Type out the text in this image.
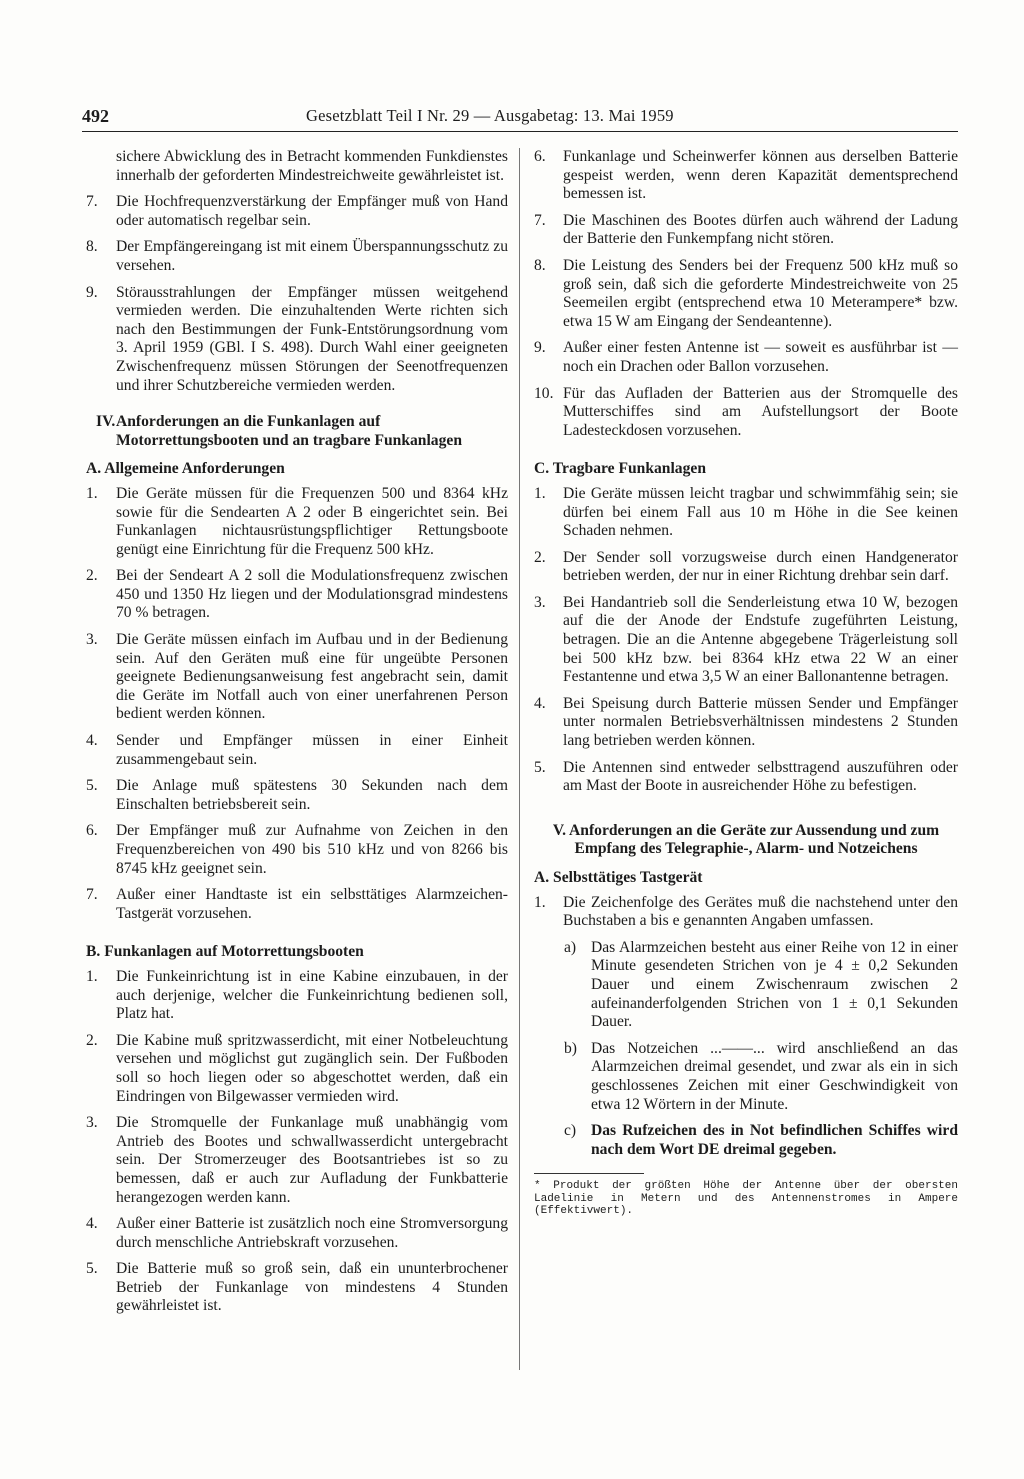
492	Gesetzblatt Teil I Nr. 29 — Ausgabetag: 13. Mai 1959

sichere Abwicklung des in Betracht kommenden Funkdienstes innerhalb der geforderten Mindestreichweite gewährleistet ist.

7. Die Hochfrequenzverstärkung der Empfänger muß von Hand oder automatisch regelbar sein.
8. Der Empfängereingang ist mit einem Überspannungsschutz zu versehen.
9. Störausstrahlungen der Empfänger müssen weitgehend vermieden werden. Die einzuhaltenden Werte richten sich nach den Bestimmungen der Funk-Entstörungsordnung vom 3. April 1959 (GBl. I S. 498). Durch Wahl einer geeigneten Zwischenfrequenz müssen Störungen der Seenotfrequenzen und ihrer Schutzbereiche vermieden werden.
IV. Anforderungen an die Funkanlagen auf Motorrettungsbooten und an tragbare Funkanlagen
A. Allgemeine Anforderungen
1. Die Geräte müssen für die Frequenzen 500 und 8364 kHz sowie für die Sendearten A 2 oder B eingerichtet sein. Bei Funkanlagen nichtausrüstungspflichtiger Rettungsboote genügt eine Einrichtung für die Frequenz 500 kHz.
2. Bei der Sendeart A 2 soll die Modulationsfrequenz zwischen 450 und 1350 Hz liegen und der Modulationsgrad mindestens 70 % betragen.
3. Die Geräte müssen einfach im Aufbau und in der Bedienung sein. Auf den Geräten muß eine für ungeübte Personen geeignete Bedienungsanweisung fest angebracht sein, damit die Geräte im Notfall auch von einer unerfahrenen Person bedient werden können.
4. Sender und Empfänger müssen in einer Einheit zusammengebaut sein.
5. Die Anlage muß spätestens 30 Sekunden nach dem Einschalten betriebsbereit sein.
6. Der Empfänger muß zur Aufnahme von Zeichen in den Frequenzbereichen von 490 bis 510 kHz und von 8266 bis 8745 kHz geeignet sein.
7. Außer einer Handtaste ist ein selbsttätiges Alarmzeichen-Tastgerät vorzusehen.
B. Funkanlagen auf Motorrettungsbooten
1. Die Funkeinrichtung ist in eine Kabine einzubauen, in der auch derjenige, welcher die Funkeinrichtung bedienen soll, Platz hat.
2. Die Kabine muß spritzwasserdicht, mit einer Notbeleuchtung versehen und möglichst gut zugänglich sein. Der Fußboden soll so hoch liegen oder so abgeschottet werden, daß ein Eindringen von Bilgewasser vermieden wird.
3. Die Stromquelle der Funkanlage muß unabhängig vom Antrieb des Bootes und schwallwasserdicht untergebracht sein. Der Stromerzeuger des Bootsantriebes ist so zu bemessen, daß er auch zur Aufladung der Funkbatterie herangezogen werden kann.
4. Außer einer Batterie ist zusätzlich noch eine Stromversorgung durch menschliche Antriebskraft vorzusehen.
5. Die Batterie muß so groß sein, daß ein ununterbrochener Betrieb der Funkanlage von mindestens 4 Stunden gewährleistet ist.
6. Funkanlage und Scheinwerfer können aus derselben Batterie gespeist werden, wenn deren Kapazität dementsprechend bemessen ist.
7. Die Maschinen des Bootes dürfen auch während der Ladung der Batterie den Funkempfang nicht stören.
8. Die Leistung des Senders bei der Frequenz 500 kHz muß so groß sein, daß sich die geforderte Mindestreichweite von 25 Seemeilen ergibt (entsprechend etwa 10 Meterampere* bzw. etwa 15 W am Eingang der Sendeantenne).
9. Außer einer festen Antenne ist — soweit es ausführbar ist — noch ein Drachen oder Ballon vorzusehen.
10. Für das Aufladen der Batterien aus der Stromquelle des Mutterschiffes sind am Aufstellungsort der Boote Ladesteckdosen vorzusehen.
C. Tragbare Funkanlagen
1. Die Geräte müssen leicht tragbar und schwimmfähig sein; sie dürfen bei einem Fall aus 10 m Höhe in die See keinen Schaden nehmen.
2. Der Sender soll vorzugsweise durch einen Handgenerator betrieben werden, der nur in einer Richtung drehbar sein darf.
3. Bei Handantrieb soll die Senderleistung etwa 10 W, bezogen auf die der Anode der Endstufe zugeführten Leistung, betragen. Die an die Antenne abgegebene Trägerleistung soll bei 500 kHz bzw. bei 8364 kHz etwa 22 W an einer Festantenne und etwa 3,5 W an einer Ballonantenne betragen.
4. Bei Speisung durch Batterie müssen Sender und Empfänger unter normalen Betriebsverhältnissen mindestens 2 Stunden lang betrieben werden können.
5. Die Antennen sind entweder selbsttragend auszuführen oder am Mast der Boote in ausreichender Höhe zu befestigen.
V. Anforderungen an die Geräte zur Aussendung und zum Empfang des Telegraphie-, Alarm- und Notzeichens
A. Selbsttätiges Tastgerät
1. Die Zeichenfolge des Gerätes muß die nachstehend unter den Buchstaben a bis e genannten Angaben umfassen.
a) Das Alarmzeichen besteht aus einer Reihe von 12 in einer Minute gesendeten Strichen von je 4 ± 0,2 Sekunden Dauer und einem Zwischenraum zwischen 2 aufeinanderfolgenden Strichen von 1 ± 0,1 Sekunden Dauer.
b) Das Notzeichen ...——... wird anschließend an das Alarmzeichen dreimal gesendet, und zwar als ein in sich geschlossenes Zeichen mit einer Geschwindigkeit von etwa 12 Wörtern in der Minute.
c) Das Rufzeichen des in Not befindlichen Schiffes wird nach dem Wort DE dreimal gegeben.

* Produkt der größten Höhe der Antenne über der obersten Ladelinie in Metern und des Antennenstromes in Ampere (Effektivwert).
